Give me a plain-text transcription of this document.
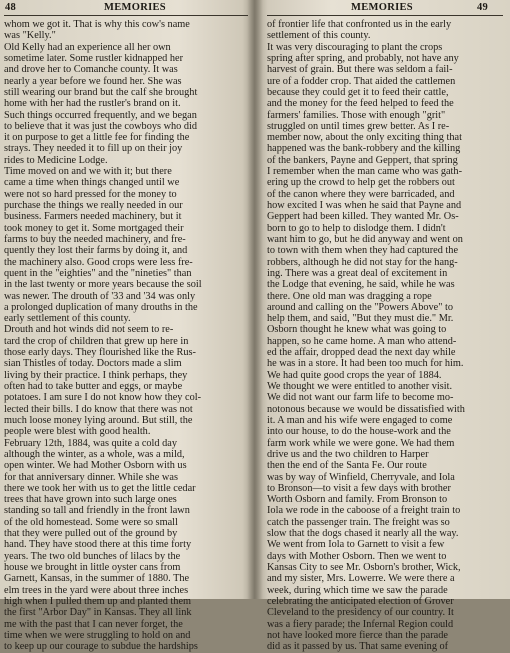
48	MEMORIES
whom we got it. That is why this cow's name
was "Kelly."
Old Kelly had an experience all her own
sometime later. Some rustler kidnapped her
and drove her to Comanche county. It was
nearly a year before we found her. She was
still wearing our brand but the calf she brought
home with her had the rustler's brand on it.
Such things occurred frequently, and we began
to believe that it was just the cowboys who did
it on purpose to get a little fee for finding the
strays. They needed it to fill up on their joy
rides to Medicine Lodge.
Time moved on and we with it; but there
came a time when things changed until we
were not so hard pressed for the money to
purchase the things we really needed in our
business. Farmers needed machinery, but it
took money to get it. Some mortgaged their
farms to buy the needed machinery, and fre-
quently they lost their farms by doing it, and
the machinery also. Good crops were less fre-
quent in the "eighties" and the "nineties" than
in the last twenty or more years because the soil
was newer. The drouth of '33 and '34 was only
a prolonged duplication of many drouths in the
early settlement of this county.
Drouth and hot winds did not seem to re-
tard the crop of children that grew up here in
those early days. They flourished like the Rus-
sian Thistles of today. Doctors made a slim
living by their practice. I think perhaps, they
often had to take butter and eggs, or maybe
potatoes. I am sure I do not know how they col-
lected their bills. I do know that there was not
much loose money lying around. But still, the
people were blest with good health.
February 12th, 1884, was quite a cold day
although the winter, as a whole, was a mild,
open winter. We had Mother Osborn with us
for that anniversary dinner. While she was
there we took her with us to get the little cedar
trees that have grown into such large ones
standing so tall and friendly in the front lawn
of the old homestead. Some were so small
that they were pulled out of the ground by
hand. They have stood there at this time forty
years. The two old bunches of lilacs by the
house we brought in little oyster cans from
Garnett, Kansas, in the summer of 1880. The
elm trees in the yard were about three inches
high when I pulled them up and planted them
the first "Arbor Day" in Kansas. They all link
me with the past that I can never forget, the
time when we were struggling to hold on and
to keep up our courage to subdue the hardships
MEMORIES	49
of frontier life that confronted us in the early
settlement of this county.
It was very discouraging to plant the crops
spring after spring, and probably, not have any
harvest of grain. But there was seldom a fail-
ure of a fodder crop. That aided the cattlemen
because they could get it to feed their cattle,
and the money for the feed helped to feed the
farmers' families. Those with enough "grit"
struggled on until times grew better. As I re-
member now, about the only exciting thing that
happened was the bank-robbery and the killing
of the bankers, Payne and Geppert, that spring
I remember when the man came who was gath-
ering up the crowd to help get the robbers out
of the canon where they were barricaded, and
how excited I was when he said that Payne and
Geppert had been killed. They wanted Mr. Os-
born to go to help to dislodge them. I didn't
want him to go, but he did anyway and went on
to town with them when they had captured the
robbers, although he did not stay for the hang-
ing. There was a great deal of excitement in
the Lodge that evening, he said, while he was
there. One old man was dragging a rope
around and calling on the "Powers Above" to
help them, and said, "But they must die." Mr.
Osborn thought he knew what was going to
happen, so he came home. A man who attend-
ed the affair, dropped dead the next day while
he was in a store. It had been too much for him.
We had quite good crops the year of 1884.
We thought we were entitled to another visit.
We did not want our farm life to become mo-
notonous because we would be dissatisfied with
it. A man and his wife were engaged to come
into our house, to do the house-work and the
farm work while we were gone. We had them
drive us and the two children to Harper
then the end of the Santa Fe. Our route
was by way of Winfield, Cherryvale, and Iola
to Bronson—to visit a few days with brother
Worth Osborn and family. From Bronson to
Iola we rode in the caboose of a freight train to
catch the passenger train. The freight was so
slow that the dogs chased it nearly all the way.
We went from Iola to Garnett to visit a few
days with Mother Osborn. Then we went to
Kansas City to see Mr. Osborn's brother, Wick,
and my sister, Mrs. Lowerre. We were there a
week, during which time we saw the parade
celebrating the anticipated election of Grover
Cleveland to the presidency of our country. It
was a fiery parade; the Infernal Region could
not have looked more fierce than the parade
did as it passed by us. That same evening of
